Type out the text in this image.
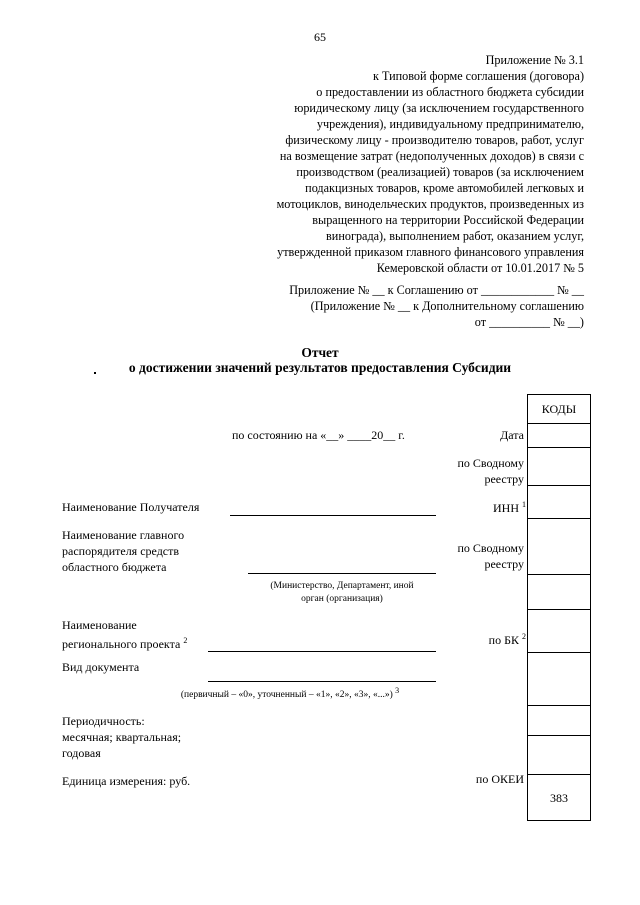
65
Приложение № 3.1
к Типовой форме соглашения (договора)
о предоставлении из областного бюджета субсидии
юридическому лицу (за исключением государственного
учреждения), индивидуальному предпринимателю,
физическому лицу - производителю товаров, работ, услуг
на возмещение затрат (недополученных доходов) в связи с
производством (реализацией) товаров (за исключением
подакцизных товаров, кроме автомобилей легковых и
мотоциклов, винодельческих продуктов, произведенных из
выращенного на территории Российской Федерации
винограда), выполнением работ, оказанием услуг,
утвержденной приказом главного финансового управления
Кемеровской области от 10.01.2017 № 5
Приложение № __ к Соглашению от ____________ № __
(Приложение № __ к Дополнительному соглашению
от __________ № __)
Отчет
о достижении значений результатов предоставления Субсидии
по состоянию на «__» ____20__ г.
Наименование Получателя
Наименование главного
распорядителя средств
областного бюджета
(Министерство, Департамент, иной
орган (организация)
Наименование
регионального проекта $^2$
Вид документа
(первичный – «0», уточненный – «1», «2», «3», «...») $^3$
Периодичность:
месячная; квартальная;
годовая
Единица измерения: руб.
Дата
по Сводному
реестру
ИНН $^1$
по Сводному
реестру
по БК $^2$
по ОКЕИ
КОДЫ
383
